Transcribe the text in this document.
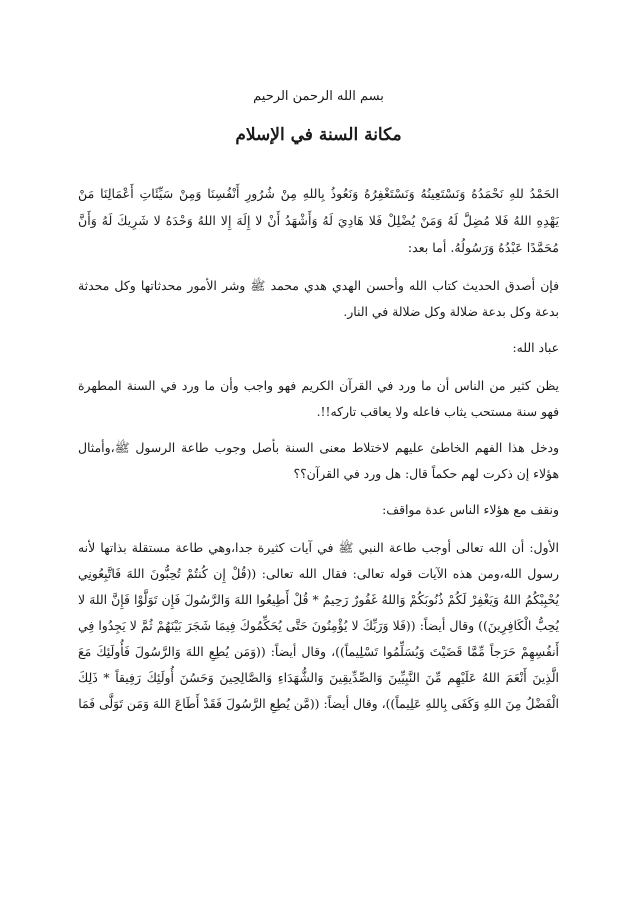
بسم الله الرحمن الرحيم
مكانة السنة في الإسلام

الحَمْدُ للهِ نَحْمَدُهُ وَنَسْتَعِينُهُ وَنَسْتَغْفِرُهُ وَنَعُوذُ بِاللهِ مِنْ شُرُورِ أَنْفُسِنَا وَمِنْ سَيِّئَاتِ أَعْمَالِنَا مَنْ يَهْدِهِ اللهُ فَلا مُضِلَّ لَهُ وَمَنْ يُضْلِلْ فَلا هَادِيَ لَهُ وَأَشْهَدُ أَنْ لا إِلَهَ إِلا اللهُ وَحْدَهُ لا شَرِيكَ لَهُ وَأَنَّ مُحَمَّدًا عَبْدُهُ وَرَسُولُهُ. أما بعد:

فإن أصدق الحديث كتاب الله وأحسن الهدي هدي محمد ﷺ وشر الأمور محدثاتها وكل محدثة بدعة وكل بدعة ضلالة وكل ضلالة في النار.

عباد الله:

يظن كثير من الناس أن ما ورد في القرآن الكريم فهو واجب وأن ما ورد في السنة المطهرة فهو سنة مستحب يثاب فاعله ولا يعاقب تاركه!!.

ودخل هذا الفهم الخاطئ عليهم لاختلاط معنى السنة بأصل وجوب طاعة الرسول ﷺ،وأمثال هؤلاء إن ذكرت لهم حكماً قال: هل ورد في القرآن؟؟

ونقف مع هؤلاء الناس عدة مواقف:

الأول: أن الله تعالى أوجب طاعة النبي ﷺ في آيات كثيرة جدا،وهي طاعة مستقلة بذاتها لأنه رسول الله،ومن هذه الآيات قوله تعالى: فقال الله تعالى: ((قُلْ إِن كُنتُمْ تُحِبُّونَ اللهَ فَاتَّبِعُونِي يُحْبِبْكُمُ اللهُ وَيَغْفِرْ لَكُمْ ذُنُوبَكُمْ وَاللهُ غَفُورٌ رَحِيمٌ * قُلْ أَطِيعُوا اللهَ وَالرَّسُولَ فَإِن تَوَلَّوْا فَإِنَّ اللهَ لا يُحِبُّ الْكَافِرِينَ)) وقال أيضاً: ((فَلا وَرَبِّكَ لا يُؤْمِنُونَ حَتَّى يُحَكِّمُوكَ فِيمَا شَجَرَ بَيْنَهُمْ ثُمَّ لا يَجِدُوا فِي أَنفُسِهِمْ حَرَجاً مِّمَّا قَضَيْتَ وَيُسَلِّمُوا تَسْلِيماً))، وقال أيضاً: ((وَمَن يُطِعِ اللهَ وَالرَّسُولَ فَأُولَئِكَ مَعَ الَّذِينَ أَنْعَمَ اللهُ عَلَيْهِم مِّنَ النَّبِيِّينَ وَالصِّدِّيقِينَ وَالشُّهَدَاءِ وَالصَّالِحِينَ وَحَسُنَ أُولَئِكَ رَفِيقاً * ذَلِكَ الْفَضْلُ مِنَ اللهِ وَكَفَى بِاللهِ عَلِيماً))، وقال أيضاً: ((مَّن يُطِعِ الرَّسُولَ فَقَدْ أَطَاعَ اللهَ وَمَن تَوَلَّى فَمَا
